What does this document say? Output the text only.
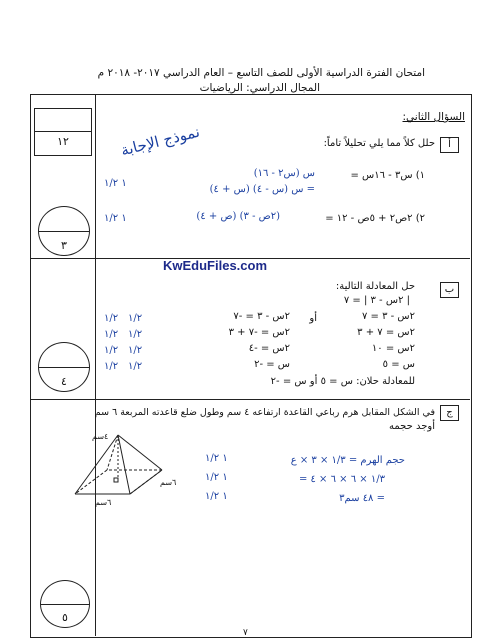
امتحان الفترة الدراسية الأولى للصف التاسع – العام الدراسي ٢٠١٧- ٢٠١٨ م
المجال الدراسي: الرياضيات
١٢
٣
٤
٥
السؤال الثاني:
نموذج الإجابة	أ
حلل كلاً مما يلي تحليلاً تاماً:
١) س٣ - ١٦س =
س (س٢ - ١٦)
= س (س - ٤) (س + ٤)
١ ١/٢
٢) ٢ص٢ + ٥ص - ١٢ =
(٢ص - ٣) (ص + ٤)
١ ١/٢
KwEduFiles.com
ب
حل المعادلة التالية:
| ٢س - ٣ | = ٧
٢س - ٣ = ٧
٢س = ٧ + ٣
٢س = ١٠
س = ٥
أو
٢س - ٣ = -٧
٢س = -٧ + ٣
٢س = -٤
س = -٢
للمعادلة حلان: س = ٥ أو س = -٢
١/٢
١/٢
١/٢
١/٢
١/٢
١/٢
١/٢
١/٢
ج
في الشكل المقابل هرم رباعي القاعدة ارتفاعه ٤ سم وطول ضلع قاعدته المربعة ٦ سم
أوجد حجمه
٤سم
٦سم
٦سم
حجم الهرم = ١/٣ × ٣ × ع
= ١/٣ × ٦ × ٦ × ٤
= ٤٨ سم٣
١ ١/٢
١ ١/٢
١ ١/٢
٧
